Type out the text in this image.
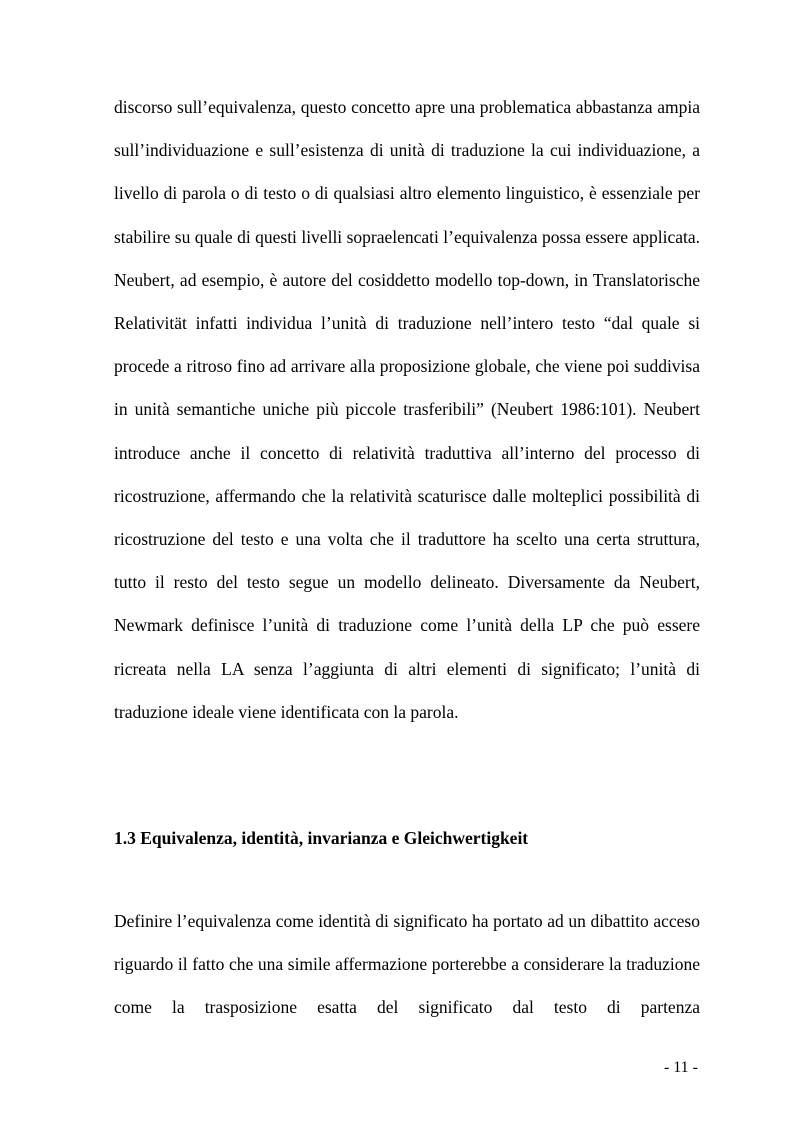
discorso sull’equivalenza, questo concetto apre una problematica abbastanza ampia sull’individuazione e sull’esistenza di unità di traduzione la cui individuazione, a livello di parola o di testo o di qualsiasi altro elemento linguistico, è essenziale per stabilire su quale di questi livelli sopraelencati l’equivalenza possa essere applicata. Neubert, ad esempio, è autore del cosiddetto modello top-down, in Translatorische Relativität infatti individua l’unità di traduzione nell’intero testo “dal quale si procede a ritroso fino ad arrivare alla proposizione globale, che viene poi suddivisa in unità semantiche uniche più piccole trasferibili” (Neubert 1986:101). Neubert introduce anche il concetto di relatività traduttiva all’interno del processo di ricostruzione, affermando che la relatività scaturisce dalle molteplici possibilità di ricostruzione del testo e una volta che il traduttore ha scelto una certa struttura, tutto il resto del testo segue un modello delineato. Diversamente da Neubert, Newmark definisce l’unità di traduzione come l’unità della LP che può essere ricreata nella LA senza l’aggiunta di altri elementi di significato; l’unità di traduzione ideale viene identificata con la parola.

1.3 Equivalenza, identità, invarianza e Gleichwertigkeit

Definire l’equivalenza come identità di significato ha portato ad un dibattito acceso riguardo il fatto che una simile affermazione porterebbe a considerare la traduzione come la trasposizione esatta del significato dal testo di partenza

- 11 -
